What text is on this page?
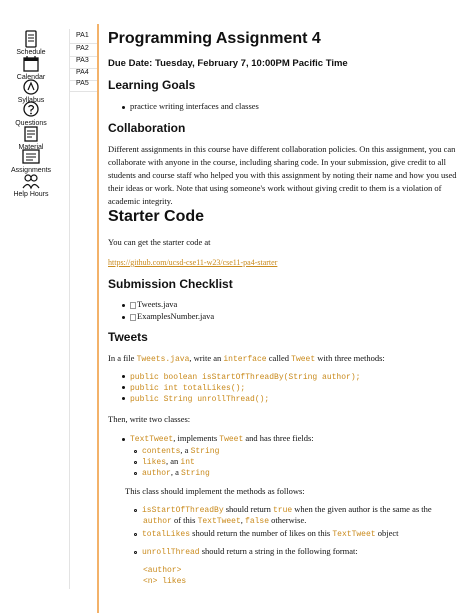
Schedule
Calendar
Syllabus
Questions
Material
Assignments
Help Hours
PA1
PA2
PA3
PA4
PA5
Programming Assignment 4
Due Date: Tuesday, February 7, 10:00PM Pacific Time
Learning Goals
practice writing interfaces and classes
Collaboration
Different assignments in this course have different collaboration policies. On this assignment, you can collaborate with anyone in the course, including sharing code. In your submission, give credit to all students and course staff who helped you with this assignment by noting their name and how you used their ideas or work. Note that using someone's work without giving credit to them is a violation of academic integrity.
Starter Code
You can get the starter code at
https://github.com/ucsd-cse11-w23/cse11-pa4-starter
Submission Checklist
Tweets.java
ExamplesNumber.java
Tweets
In a file Tweets.java, write an interface called Tweet with three methods:
public boolean isStartOfThreadBy(String author);
public int totalLikes();
public String unrollThread();
Then, write two classes:
TextTweet, implements Tweet and has three fields:
contents, a String
likes, an int
author, a String
This class should implement the methods as follows:
isStartOfThreadBy should return true when the given author is the same as the
author of this TextTweet, false otherwise.
totalLikes should return the number of likes on this TextTweet object
unrollThread should return a string in the following format:
<author>
<n> likes
